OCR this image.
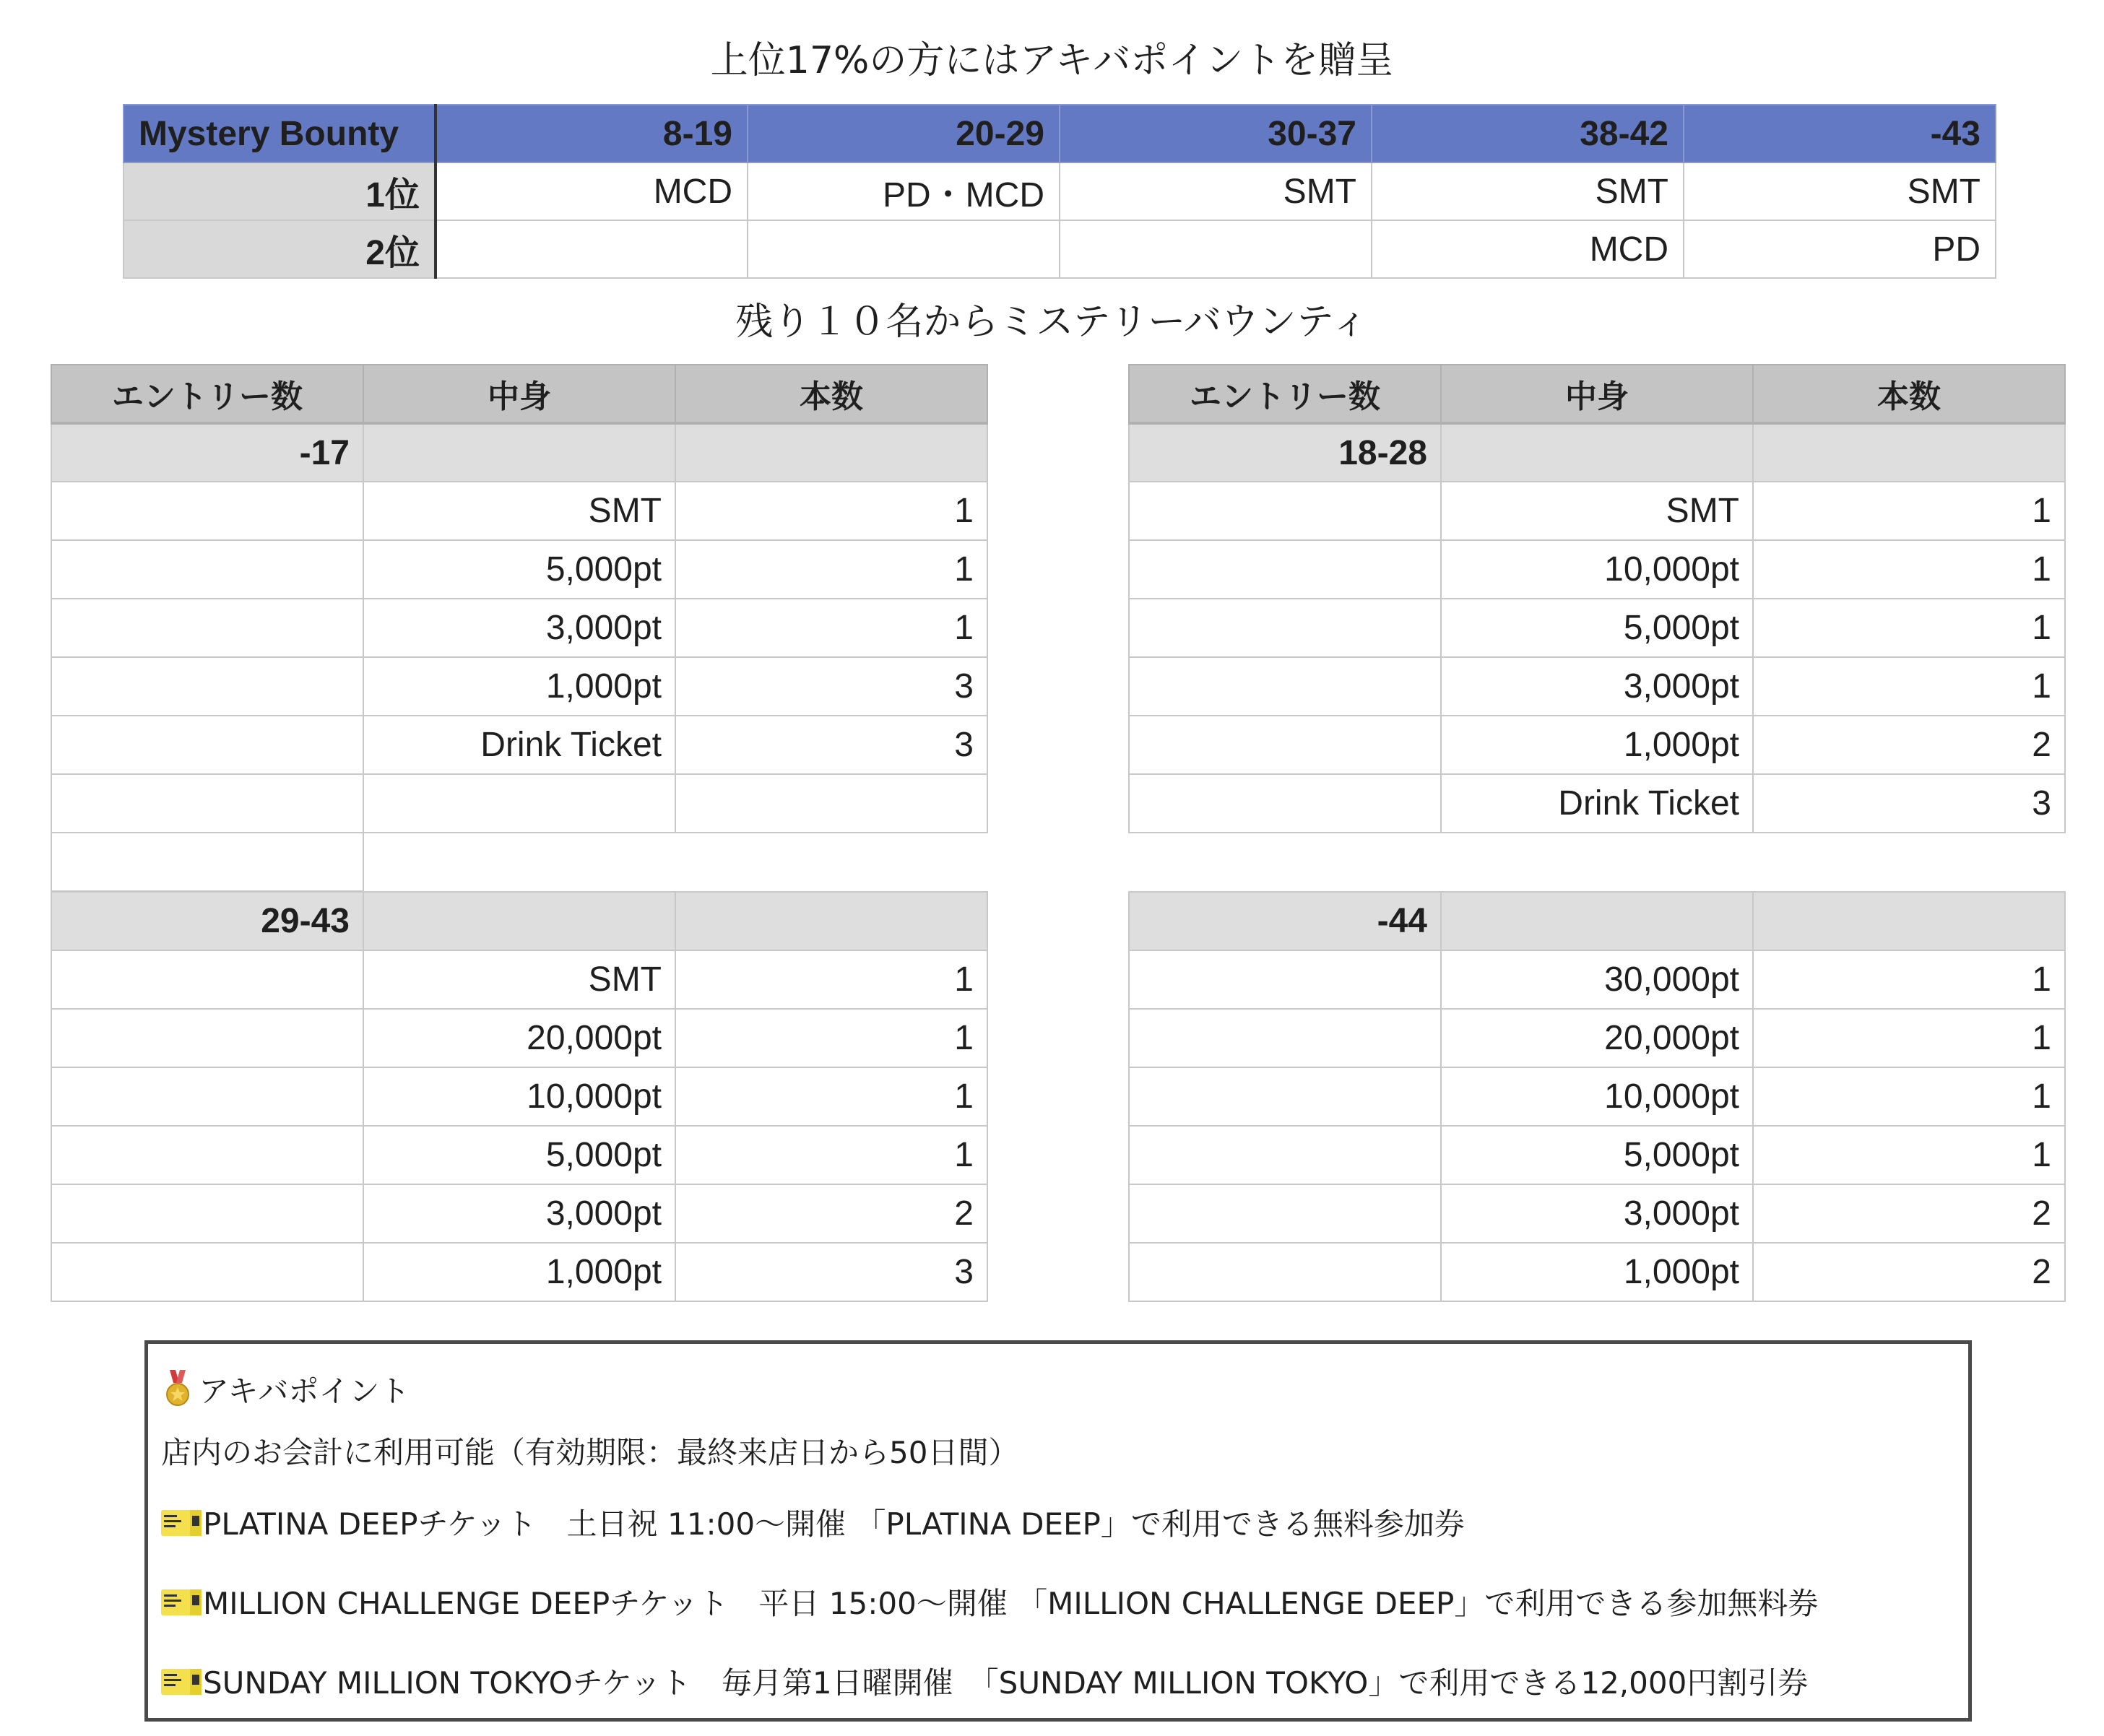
上位17%の方にはアキバポイントを贈呈
Mystery Bounty	8-19	20-29	30-37	38-42	-43
1位	MCD	PD・MCD	SMT	SMT	SMT
2位				MCD	PD
残り１０名からミステリーバウンティ
エントリー数	中身	本数
-17		
	SMT	1
	5,000pt	1
	3,000pt	1
	1,000pt	3
	Drink Ticket	3

エントリー数	中身	本数
18-28		
	SMT	1
	10,000pt	1
	5,000pt	1
	3,000pt	1
	1,000pt	2
	Drink Ticket	3
29-43		
	SMT	1
	20,000pt	1
	10,000pt	1
	5,000pt	1
	3,000pt	2
	1,000pt	3
-44		
	30,000pt	1
	20,000pt	1
	10,000pt	1
	5,000pt	1
	3,000pt	2
	1,000pt	2
アキバポイント
店内のお会計に利用可能（有効期限：最終来店日から50日間）
PLATINA DEEPチケット　土日祝 11:00〜開催 「PLATINA DEEP」で利用できる無料参加券
MILLION CHALLENGE DEEPチケット　平日 15:00〜開催 「MILLION CHALLENGE DEEP」で利用できる参加無料券
SUNDAY MILLION TOKYOチケット　毎月第1日曜開催　「SUNDAY MILLION TOKYO」で利用できる12,000円割引券
